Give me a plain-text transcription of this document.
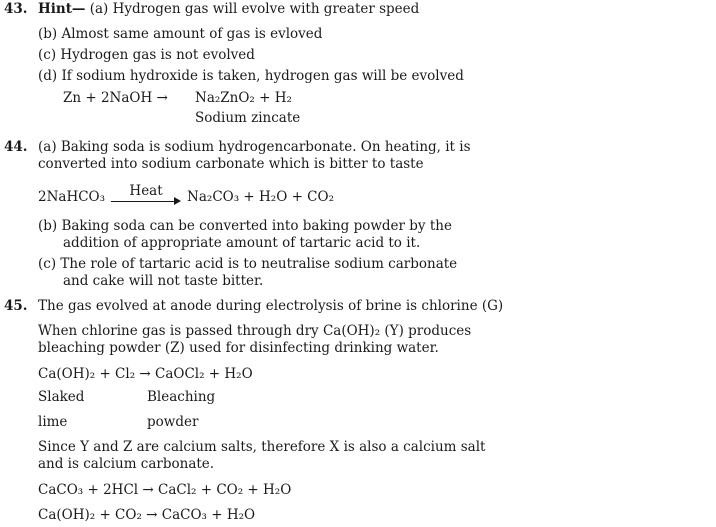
43. Hint— (a) Hydrogen gas will evolve with greater speed
(b) Almost same amount of gas is evloved
(c) Hydrogen gas is not evolved
(d) If sodium hydroxide is taken, hydrogen gas will be evolved
Zn + 2NaOH → Na₂ZnO₂ + H₂
Sodium zincate
44. (a) Baking soda is sodium hydrogencarbonate. On heating, it is
converted into sodium carbonate which is bitter to taste
2NaHCO₃	Heat	Na₂CO₃ + H₂O + CO₂
(b) Baking soda can be converted into baking powder by the
addition of appropriate amount of tartaric acid to it.
(c) The role of tartaric acid is to neutralise sodium carbonate
and cake will not taste bitter.
45. The gas evolved at anode during electrolysis of brine is chlorine (G)
When chlorine gas is passed through dry Ca(OH)₂ (Y) produces
bleaching powder (Z) used for disinfecting drinking water.
Ca(OH)₂ + Cl₂ → CaOCl₂ + H₂O
Slaked	Bleaching
lime	powder
Since Y and Z are calcium salts, therefore X is also a calcium salt
and is calcium carbonate.
CaCO₃ + 2HCl → CaCl₂ + CO₂ + H₂O
Ca(OH)₂ + CO₂ → CaCO₃ + H₂O
